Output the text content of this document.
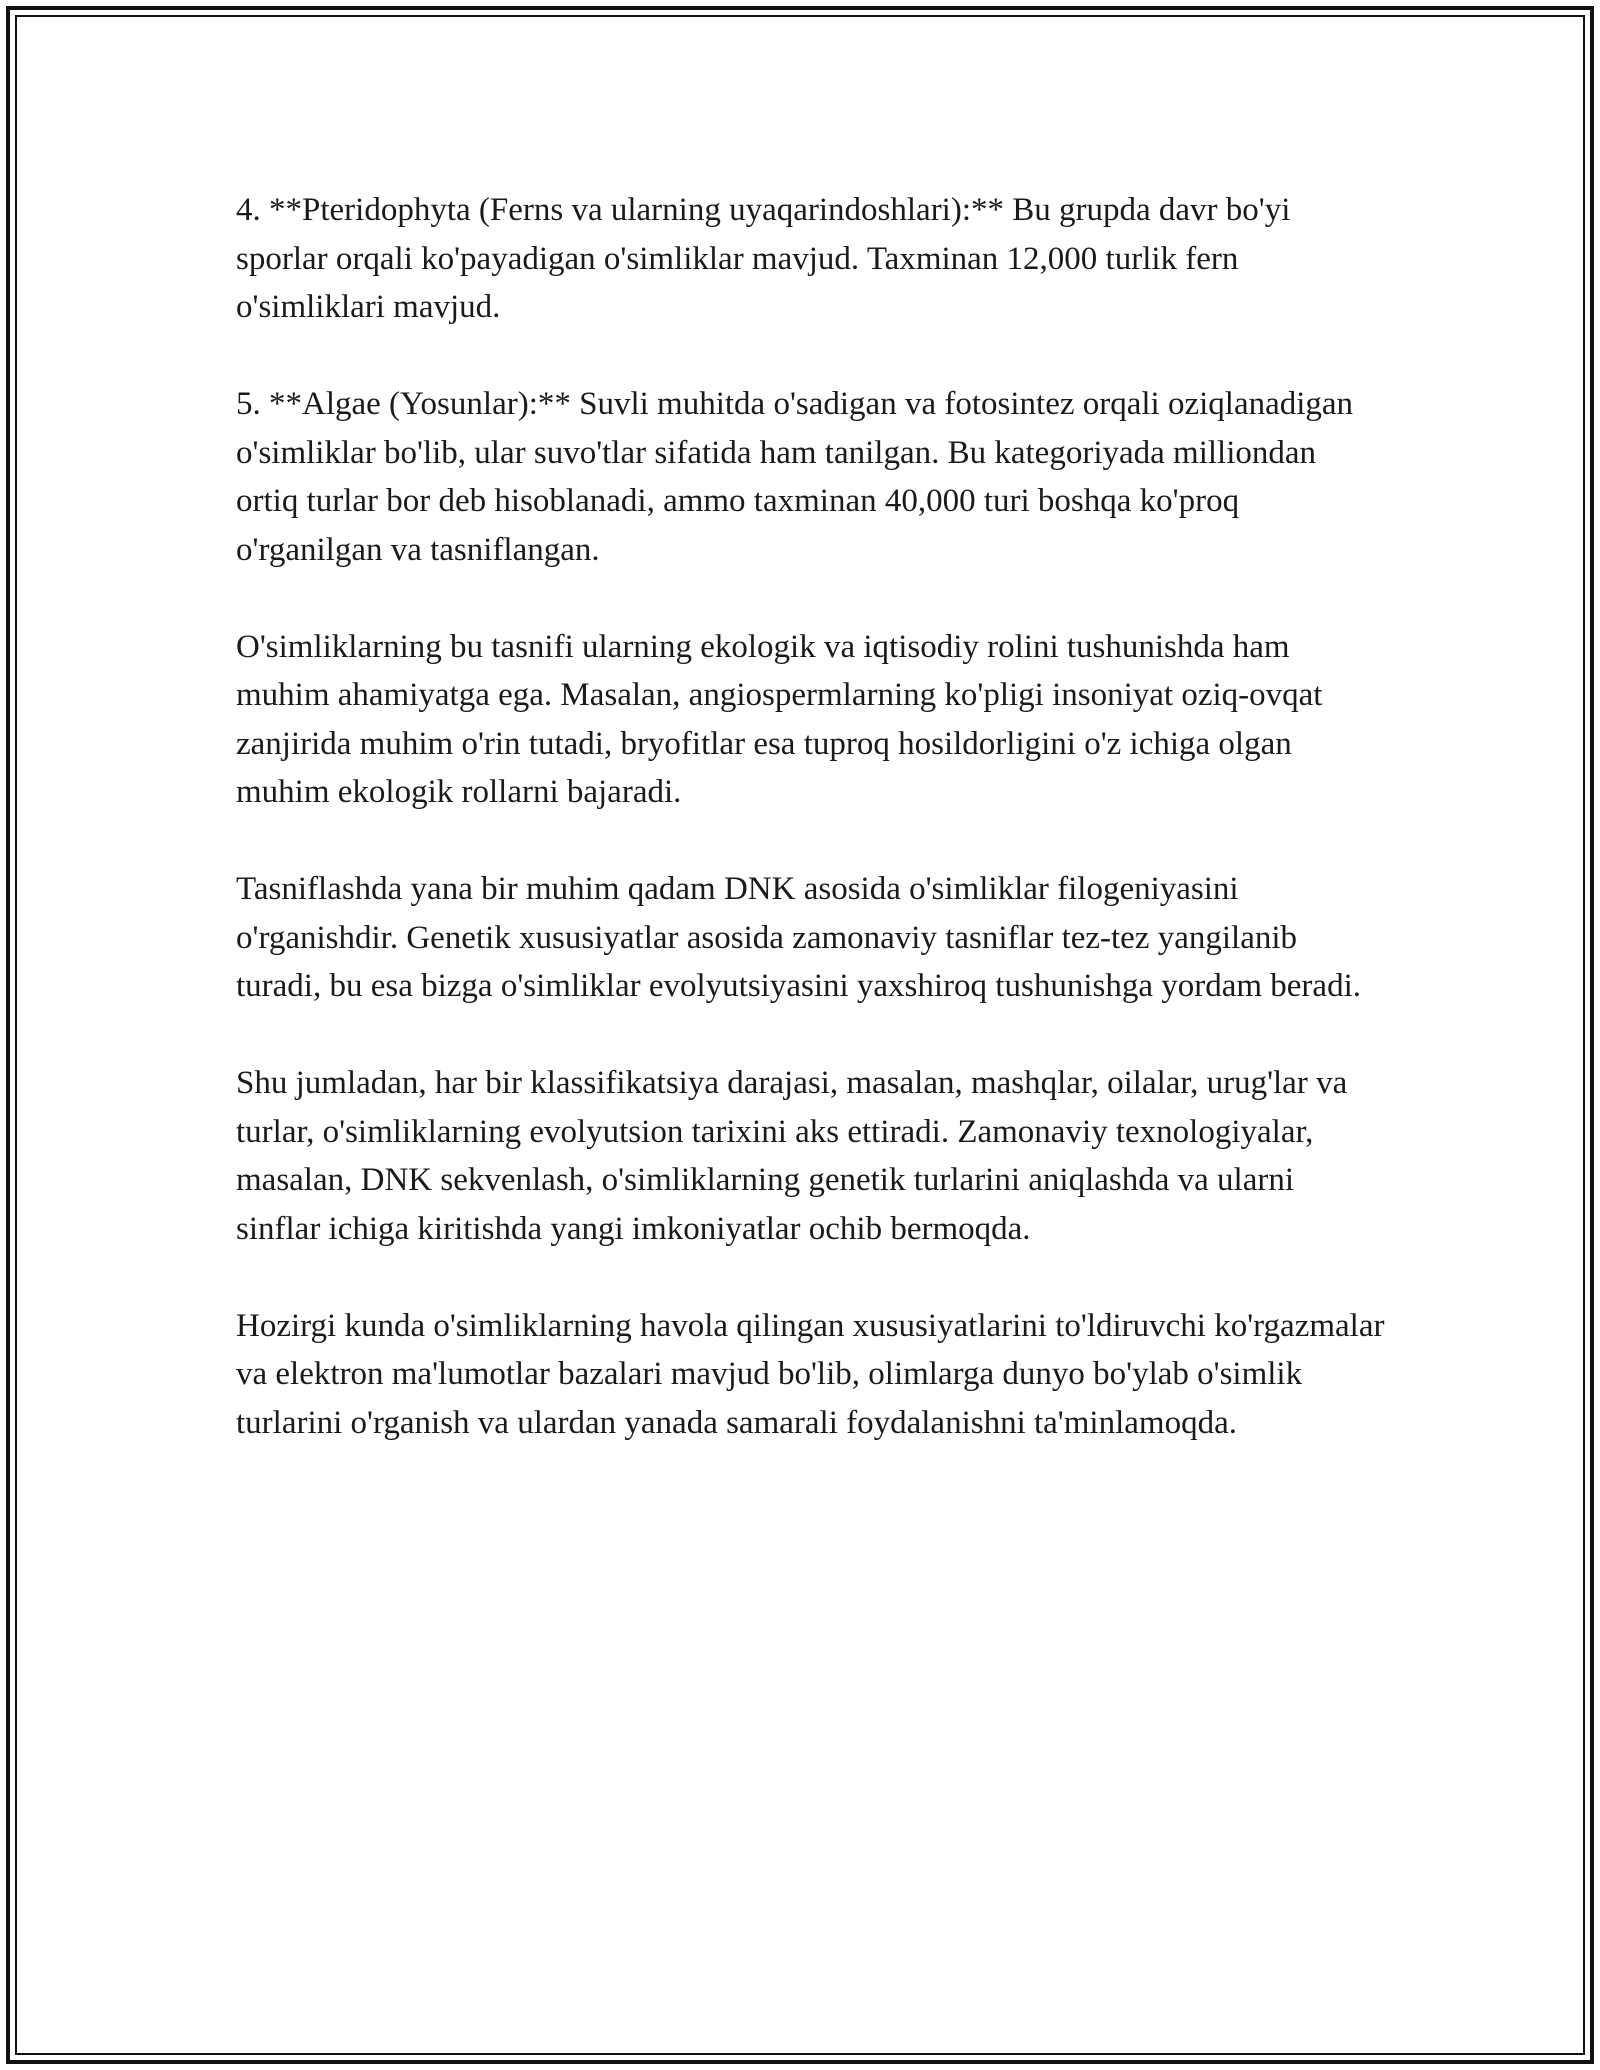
4. **Pteridophyta (Ferns va ularning uyaqarindoshlari):** Bu grupda davr bo'yi sporlar orqali ko'payadigan o'simliklar mavjud. Taxminan 12,000 turlik fern o'simliklari mavjud.

5. **Algae (Yosunlar):** Suvli muhitda o'sadigan va fotosintez orqali oziqlanadigan o'simliklar bo'lib, ular suvo'tlar sifatida ham tanilgan. Bu kategoriyada milliondan ortiq turlar bor deb hisoblanadi, ammo taxminan 40,000 turi boshqa ko'proq o'rganilgan va tasniflangan.

O'simliklarning bu tasnifi ularning ekologik va iqtisodiy rolini tushunishda ham muhim ahamiyatga ega. Masalan, angiospermlarning ko'pligi insoniyat oziq-ovqat zanjirida muhim o'rin tutadi, bryofitlar esa tuproq hosildorligini o'z ichiga olgan muhim ekologik rollarni bajaradi.

Tasniflashda yana bir muhim qadam DNK asosida o'simliklar filogeniyasini o'rganishdir. Genetik xususiyatlar asosida zamonaviy tasniflar tez-tez yangilanib turadi, bu esa bizga o'simliklar evolyutsiyasini yaxshiroq tushunishga yordam beradi.

Shu jumladan, har bir klassifikatsiya darajasi, masalan, mashqlar, oilalar, urug'lar va turlar, o'simliklarning evolyutsion tarixini aks ettiradi. Zamonaviy texnologiyalar, masalan, DNK sekvenlash, o'simliklarning genetik turlarini aniqlashda va ularni sinflar ichiga kiritishda yangi imkoniyatlar ochib bermoqda.

Hozirgi kunda o'simliklarning havola qilingan xususiyatlarini to'ldiruvchi ko'rgazmalar va elektron ma'lumotlar bazalari mavjud bo'lib, olimlarga dunyo bo'ylab o'simlik turlarini o'rganish va ulardan yanada samarali foydalanishni ta'minlamoqda.
